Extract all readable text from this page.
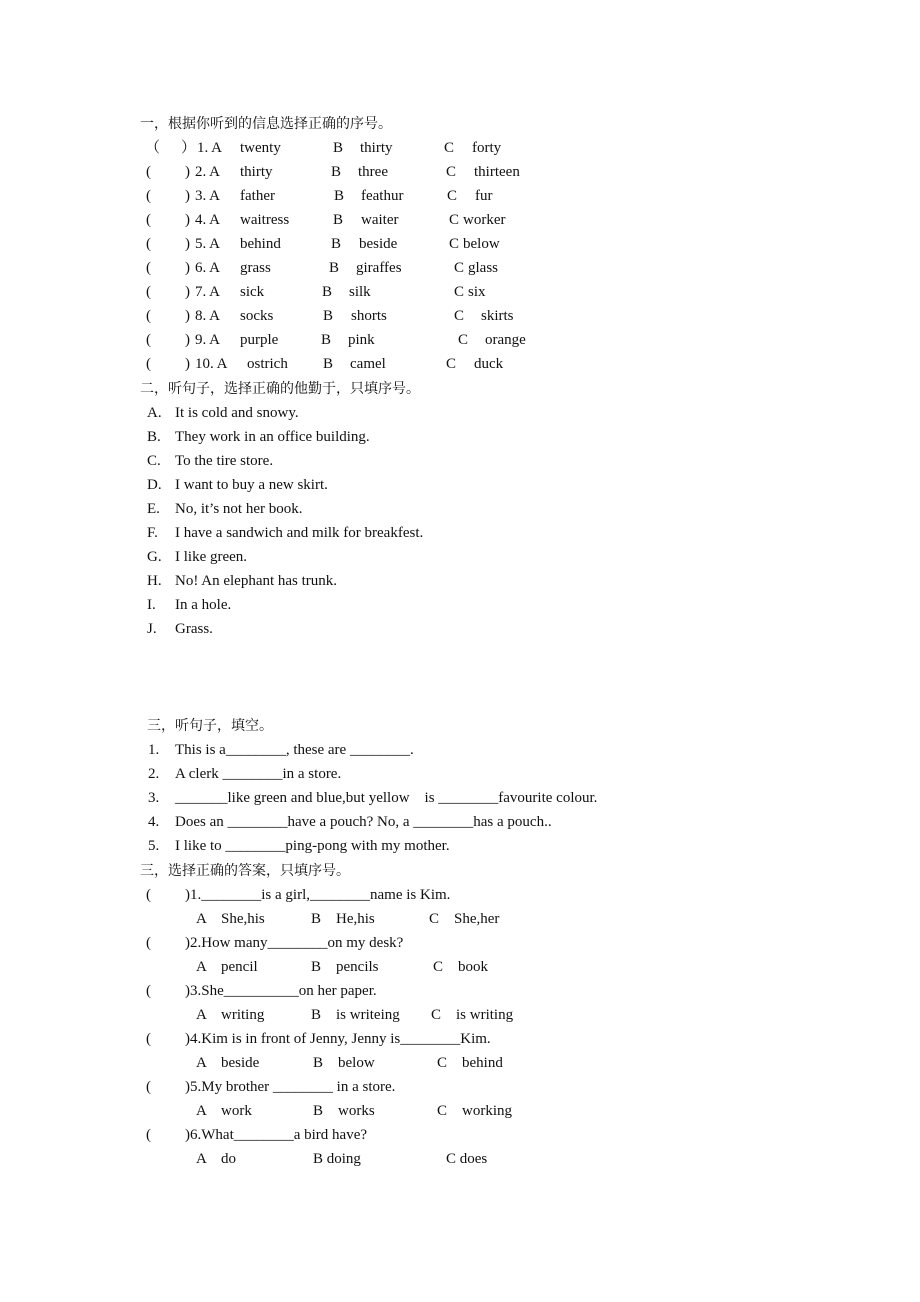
一，根据你听到的信息选择正确的序号。
（ ） 1. A twenty	B thirty	C forty
( ) 2. A thirty	B three	C thirteen
( ) 3. A father	B feathur	C fur
( ) 4. A waitress	B waiter	C worker
( ) 5. A behind	B beside	C below
( ) 6. A grass	B giraffes	C glass
( ) 7. A sick	B silk	C six
( ) 8. A socks	B shorts	C skirts
( ) 9. A purple	B pink	C orange
( ) 10. A ostrich B camel	C duck
二，听句子，选择正确的他勤于，只填序号。
A. It is cold and snowy.
B. They work in an office building.
C. To the tire store.
D. I want to buy a new skirt.
E. No, it’s not her book.
F. I have a sandwich and milk for breakfest.
G. I like green.
H. No! An elephant has trunk.
I. In a hole.
J. Grass.
三，听句子，填空。
1. This is a________, these are ________.
2. A clerk ________in a store.
3. _______like green and blue,but yellow    is ________favourite colour.
4. Does an ________have a pouch? No, a ________has a pouch..
5. I like to ________ping-pong with my mother.
三，选择正确的答案，只填序号。
( ) 1.________is a girl,________name is Kim.
A    She,his	B    He,his	C    She,her
( ) 2.How many________on my desk?
A    pencil	B    pencils	C    book
( ) 3.She__________on her paper.
A    writing	B    is writeing C    is writing
( ) 4.Kim is in front of Jenny, Jenny is________Kim.
A    beside	B    below	C    behind
( ) 5.My brother ________ in a store.
A    work	B    works	C    working
( ) 6.What________a bird have?
A    do	B doing	C does
